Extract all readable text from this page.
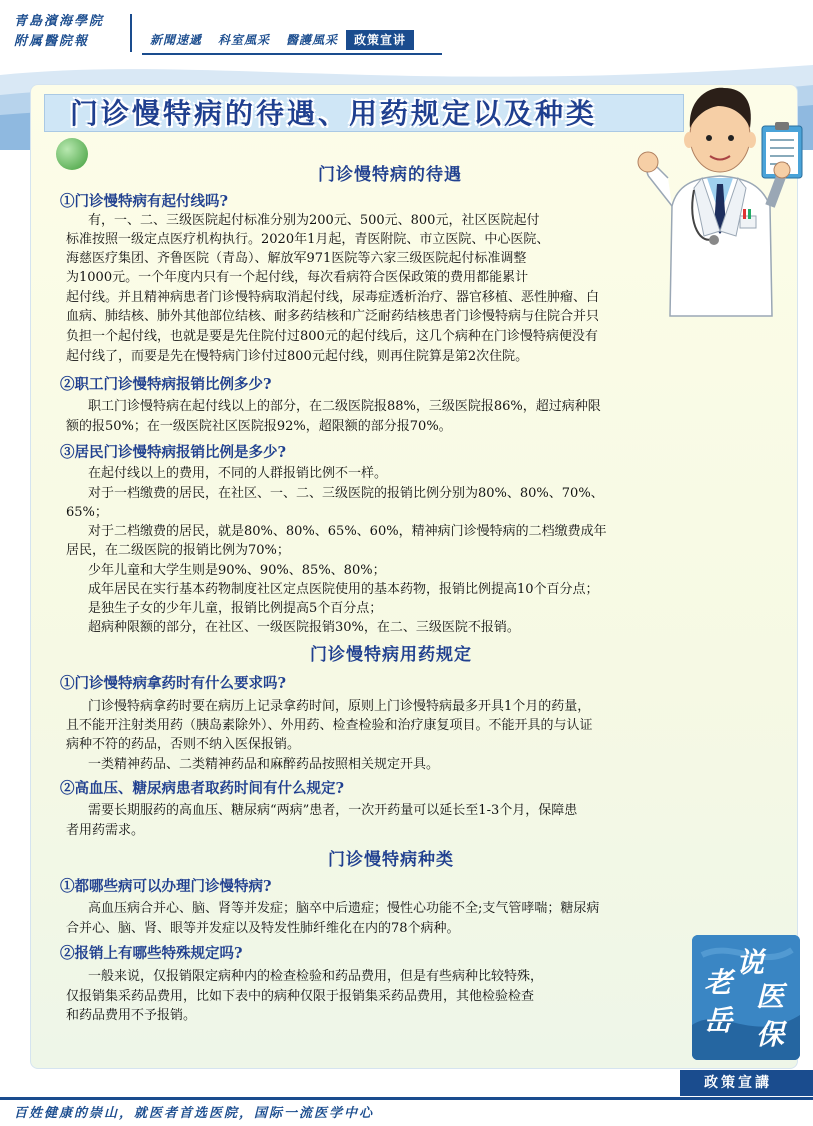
青島濱海學院
附属醫院報	新聞速遞	科室風采	醫護風采	政策宣讲
门诊慢特病的待遇、用药规定以及种类
门诊慢特病的待遇
①门诊慢特病有起付线吗?
有，一、二、三级医院起付标准分别为200元、500元、800元，社区医院起付
标准按照一级定点医疗机构执行。2020年1月起，青医附院、市立医院、中心医院、
海慈医疗集团、齐鲁医院（青岛）、解放军971医院等六家三级医院起付标准调整
为1000元。一个年度内只有一个起付线，每次看病符合医保政策的费用都能累计
起付线。并且精神病患者门诊慢特病取消起付线，尿毒症透析治疗、器官移植、恶性肿瘤、白
血病、肺结核、肺外其他部位结核、耐多药结核和广泛耐药结核患者门诊慢特病与住院合并只
负担一个起付线，也就是要是先住院付过800元的起付线后，这几个病种在门诊慢特病便没有
起付线了，而要是先在慢特病门诊付过800元起付线，则再住院算是第2次住院。
②职工门诊慢特病报销比例多少?
职工门诊慢特病在起付线以上的部分，在二级医院报88%，三级医院报86%，超过病种限
额的报50%；在一级医院社区医院报92%，超限额的部分报70%。
③居民门诊慢特病报销比例是多少?
在起付线以上的费用，不同的人群报销比例不一样。
对于一档缴费的居民，在社区、一、二、三级医院的报销比例分别为80%、80%、70%、
65%；
对于二档缴费的居民，就是80%、80%、65%、60%，精神病门诊慢特病的二档缴费成年
居民，在二级医院的报销比例为70%；
少年儿童和大学生则是90%、90%、85%、80%；
成年居民在实行基本药物制度社区定点医院使用的基本药物，报销比例提高10个百分点；
是独生子女的少年儿童，报销比例提高5个百分点；
超病种限额的部分，在社区、一级医院报销30%，在二、三级医院不报销。
门诊慢特病用药规定
①门诊慢特病拿药时有什么要求吗?
门诊慢特病拿药时要在病历上记录拿药时间，原则上门诊慢特病最多开具1个月的药量，
且不能开注射类用药（胰岛素除外）、外用药、检查检验和治疗康复项目。不能开具的与认证
病种不符的药品，否则不纳入医保报销。
一类精神药品、二类精神药品和麻醉药品按照相关规定开具。
②高血压、糖尿病患者取药时间有什么规定?
需要长期服药的高血压、糖尿病“两病”患者，一次开药量可以延长至1-3个月，保障患
者用药需求。
门诊慢特病种类
①都哪些病可以办理门诊慢特病?
高血压病合并心、脑、肾等并发症；脑卒中后遗症；慢性心功能不全;支气管哮喘；糖尿病
合并心、脑、肾、眼等并发症以及特发性肺纤维化在内的78个病种。
②报销上有哪些特殊规定吗?
一般来说，仅报销限定病种内的检查检验和药品费用，但是有些病种比较特殊，
仅报销集采药品费用，比如下表中的病种仅限于报销集采药品费用，其他检验检查
和药品费用不予报销。
说
医
保
老
岳
政策宣講
百姓健康的崇山，就医者首选医院，国际一流医学中心
